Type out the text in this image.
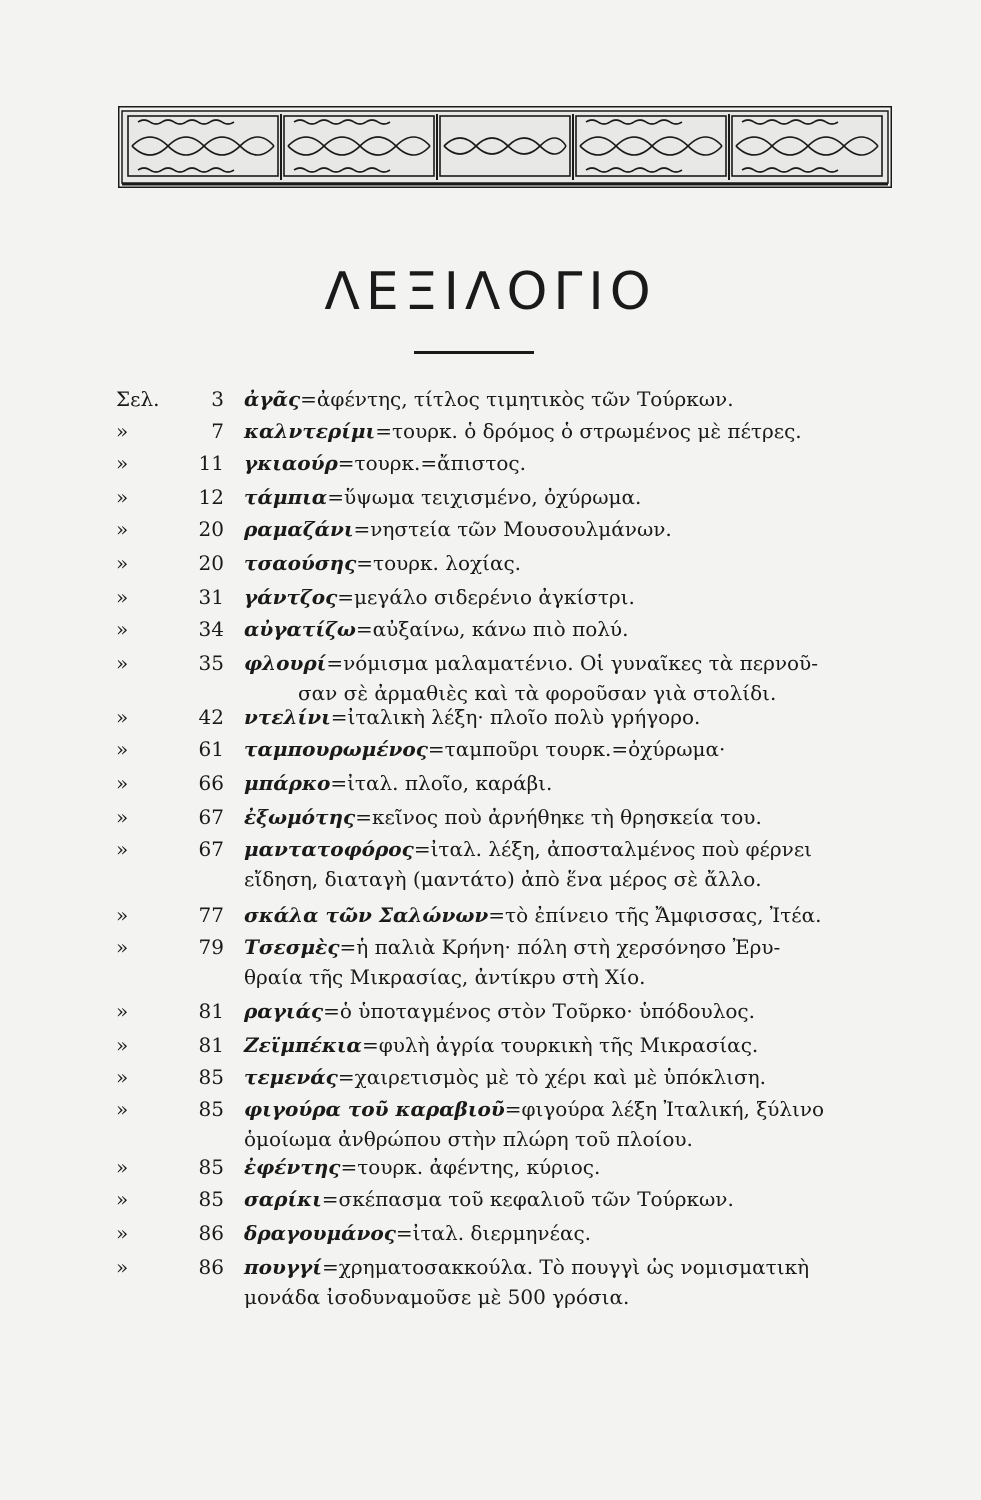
ΛΕΞΙΛΟΓΙΟ
Σελ.	3 ἀγᾶς=ἀφέντης, τίτλος τιμητικὸς τῶν Τούρκων.
»	7 καλντερίμι=τουρκ. ὁ δρόμος ὁ στρωμένος μὲ πέτρες.
»	11 γκιαούρ=τουρκ.=ἄπιστος.
»	12 τάμπια=ὕψωμα τειχισμένο, ὀχύρωμα.
»	20 ραμαζάνι=νηστεία τῶν Μουσουλμάνων.
»	20 τσαούσης=τουρκ. λοχίας.
»	31 γάντζος=μεγάλο σιδερένιο ἀγκίστρι.
»	34 αὐγατίζω=αὐξαίνω, κάνω πιὸ πολύ.
»	35 φλουρί=νόμισμα μαλαματένιο. Οἱ γυναῖκες τὰ περνοῦ-
σαν σὲ ἀρμαθιὲς καὶ τὰ φοροῦσαν γιὰ στολίδι.
»	42 ντελίνι=ἰταλικὴ λέξη· πλοῖο πολὺ γρήγορο.
»	61 ταμπουρωμένος=ταμποῦρι τουρκ.=ὀχύρωμα·
»	66 μπάρκο=ἰταλ. πλοῖο, καράβι.
»	67 ἐξωμότης=κεῖνος ποὺ ἀρνήθηκε τὴ θρησκεία του.
»	67 μαντατοφόρος=ἰταλ. λέξη, ἀποσταλμένος ποὺ φέρνει
εἴδηση, διαταγὴ (μαντάτο) ἀπὸ ἕνα μέρος σὲ ἄλλο.
»	77 σκάλα τῶν Σαλώνων=τὸ ἐπίνειο τῆς Ἄμφισσας, Ἰτέα.
»	79 Τσεσμὲς=ἡ παλιὰ Κρήνη· πόλη στὴ χερσόνησο Ἐρυ-
θραία τῆς Μικρασίας, ἀντίκρυ στὴ Χίο.
»	81 ραγιάς=ὁ ὑποταγμένος στὸν Τοῦρκο· ὑπόδουλος.
»	81 Ζεϊμπέκια=φυλὴ ἀγρία τουρκικὴ τῆς Μικρασίας.
»	85 τεμενάς=χαιρετισμὸς μὲ τὸ χέρι καὶ μὲ ὑπόκλιση.
»	85 φιγούρα τοῦ καραβιοῦ=φιγούρα λέξη Ἰταλική, ξύλινο
ὁμοίωμα ἀνθρώπου στὴν πλώρη τοῦ πλοίου.
»	85 ἐφέντης=τουρκ. ἀφέντης, κύριος.
»	85 σαρίκι=σκέπασμα τοῦ κεφαλιοῦ τῶν Τούρκων.
»	86 δραγουμάνος=ἰταλ. διερμηνέας.
»	86 πουγγί=χρηματοσακκούλα. Τὸ πουγγὶ ὡς νομισματικὴ
μονάδα ἰσοδυναμοῦσε μὲ 500 γρόσια.
